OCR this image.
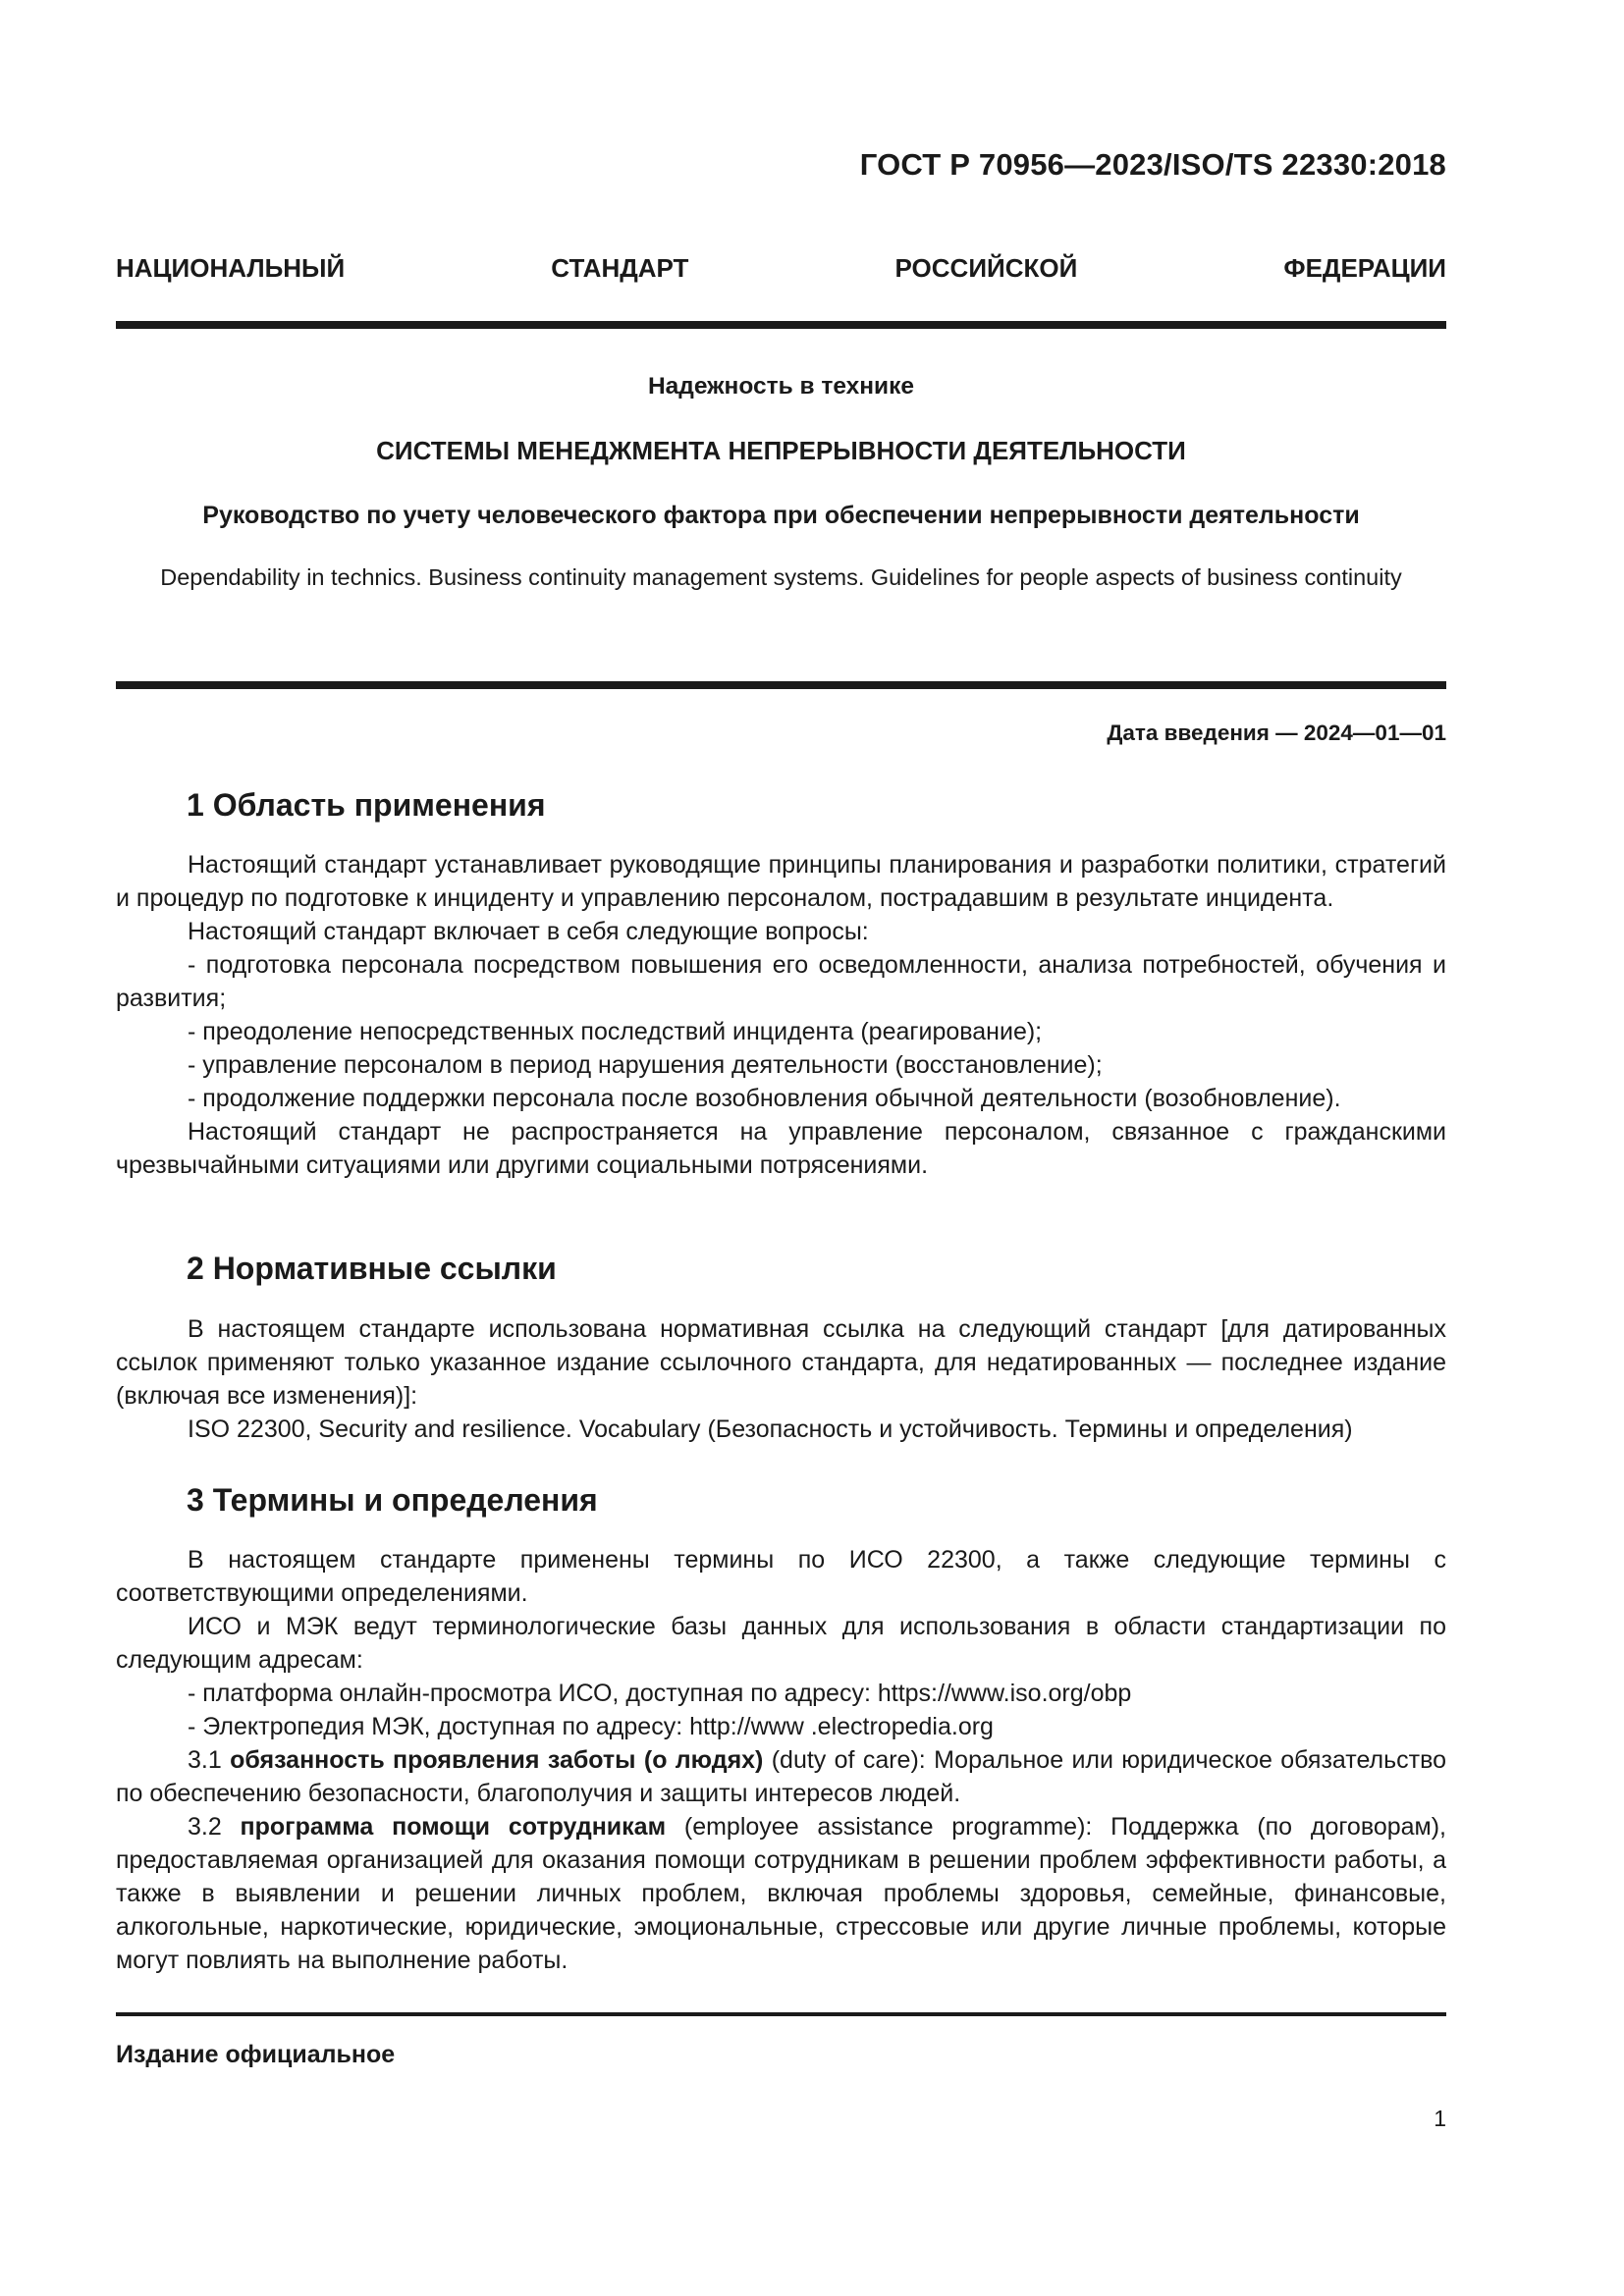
ГОСТ Р 70956—2023/ISO/TS 22330:2018
НАЦИОНАЛЬНЫЙ СТАНДАРТ РОССИЙСКОЙ ФЕДЕРАЦИИ
Надежность в технике
СИСТЕМЫ МЕНЕДЖМЕНТА НЕПРЕРЫВНОСТИ ДЕЯТЕЛЬНОСТИ
Руководство по учету человеческого фактора при обеспечении непрерывности деятельности
Dependability in technics. Business continuity management systems. Guidelines for people aspects of business continuity
Дата введения — 2024—01—01
1 Область применения

Настоящий стандарт устанавливает руководящие принципы планирования и разработки политики, стратегий и процедур по подготовке к инциденту и управлению персоналом, пострадавшим в результате инцидента.

Настоящий стандарт включает в себя следующие вопросы:

- подготовка персонала посредством повышения его осведомленности, анализа потребностей, обучения и развития;

- преодоление непосредственных последствий инцидента (реагирование);

- управление персоналом в период нарушения деятельности (восстановление);

- продолжение поддержки персонала после возобновления обычной деятельности (возобновление).

Настоящий стандарт не распространяется на управление персоналом, связанное с гражданскими чрезвычайными ситуациями или другими социальными потрясениями.

2 Нормативные ссылки

В настоящем стандарте использована нормативная ссылка на следующий стандарт [для датированных ссылок применяют только указанное издание ссылочного стандарта, для недатированных — последнее издание (включая все изменения)]:

ISO 22300, Security and resilience. Vocabulary (Безопасность и устойчивость. Термины и определения)

3 Термины и определения

В настоящем стандарте применены термины по ИСО 22300, а также следующие термины с соответствующими определениями.

ИСО и МЭК ведут терминологические базы данных для использования в области стандартизации по следующим адресам:

- платформа онлайн-просмотра ИСО, доступная по адресу: https://www.iso.org/obp

- Электропедия МЭК, доступная по адресу: http://www .electropedia.org

3.1 обязанность проявления заботы (о людях) (duty of care): Моральное или юридическое обязательство по обеспечению безопасности, благополучия и защиты интересов людей.

3.2 программа помощи сотрудникам (employee assistance programme): Поддержка (по договорам), предоставляемая организацией для оказания помощи сотрудникам в решении проблем эффективности работы, а также в выявлении и решении личных проблем, включая проблемы здоровья, семейные, финансовые, алкогольные, наркотические, юридические, эмоциональные, стрессовые или другие личные проблемы, которые могут повлиять на выполнение работы.

Издание официальное
1
